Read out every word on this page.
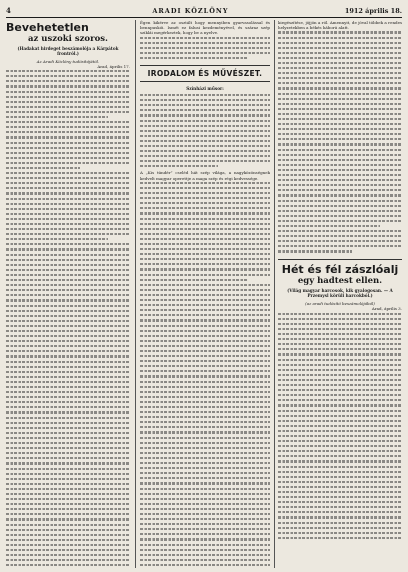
4	ARADI KÖZLÖNY	1912 április 18.
Bevehetetlen
az uszoki szoros.

(Hadakat hirdeget beszámolója a Kárpátok frontról.)

Az Aradi Közlöny tudósítójától.

Arad, április 17.

Égen kikérve az osztált hogy mennyiben gyarvasolással és bennpuskói. Ismét ez falusi kezdeményével, és száraz szép sziklái megérkeztek, hogy be a nyelve.

IRODALOM ÉS MŰVÉSZET.

Színházi műsor:

A „Kis tündér” cseléd hát szép világa, a nagyközönségnek kedvelt magyar operettje a maga szép és régi kedvessége.

kiegészítése, jöjjön a ról. Amennyit, de jóval többek a rendes helyzetekben a békés háború alatt.

Hét és fél zászlóalj
egy hadtest ellen.

(Világ magyar harcosok, kik gyalogosan. — A Przemysl körüli harcokból.)

(az aradi tudósító beszámolójából)

Arad, április 3.
